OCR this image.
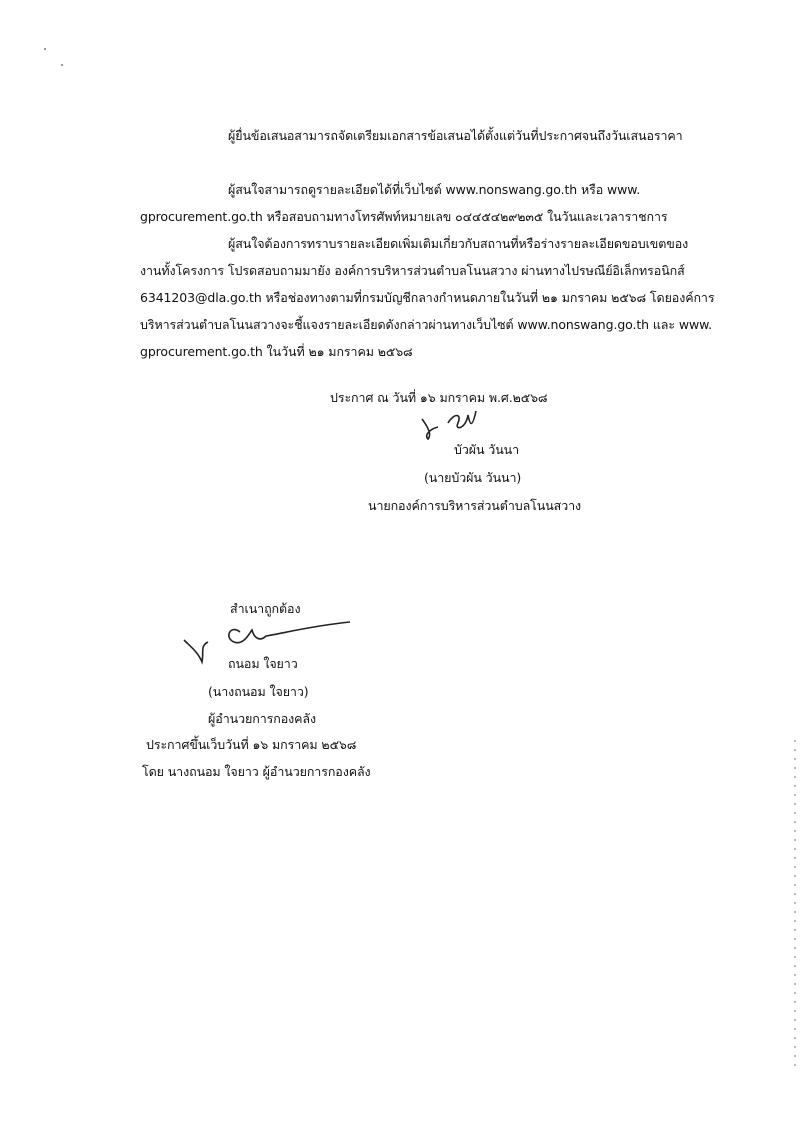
ผู้ยื่นข้อเสนอสามารถจัดเตรียมเอกสารข้อเสนอได้ตั้งแต่วันที่ประกาศจนถึงวันเสนอราคา
ผู้สนใจสามารถดูรายละเอียดได้ที่เว็บไซต์ www.nonswang.go.th หรือ www.
gprocurement.go.th หรือสอบถามทางโทรศัพท์หมายเลข ๐๔๔๕๔๒๙๒๓๕ ในวันและเวลาราชการ
ผู้สนใจต้องการทราบรายละเอียดเพิ่มเติมเกี่ยวกับสถานที่หรือร่างรายละเอียดขอบเขตของ
งานทั้งโครงการ โปรดสอบถามมายัง องค์การบริหารส่วนตำบลโนนสวาง ผ่านทางไปรษณีย์อิเล็กทรอนิกส์
6341203@dla.go.th หรือช่องทางตามที่กรมบัญชีกลางกำหนดภายในวันที่ ๒๑ มกราคม ๒๕๖๘ โดยองค์การ
บริหารส่วนตำบลโนนสวางจะชี้แจงรายละเอียดดังกล่าวผ่านทางเว็บไซต์ www.nonswang.go.th และ www.
gprocurement.go.th ในวันที่ ๒๑ มกราคม ๒๕๖๘
ประกาศ ณ วันที่ ๑๖ มกราคม พ.ศ.๒๕๖๘
บัวผัน วันนา
(นายบัวผัน วันนา)
นายกองค์การบริหารส่วนตำบลโนนสวาง
สำเนาถูกต้อง
ถนอม ใจยาว
(นางถนอม ใจยาว)
ผู้อำนวยการกองคลัง
ประกาศขึ้นเว็บวันที่ ๑๖ มกราคม ๒๕๖๘
โดย นางถนอม ใจยาว ผู้อำนวยการกองคลัง
